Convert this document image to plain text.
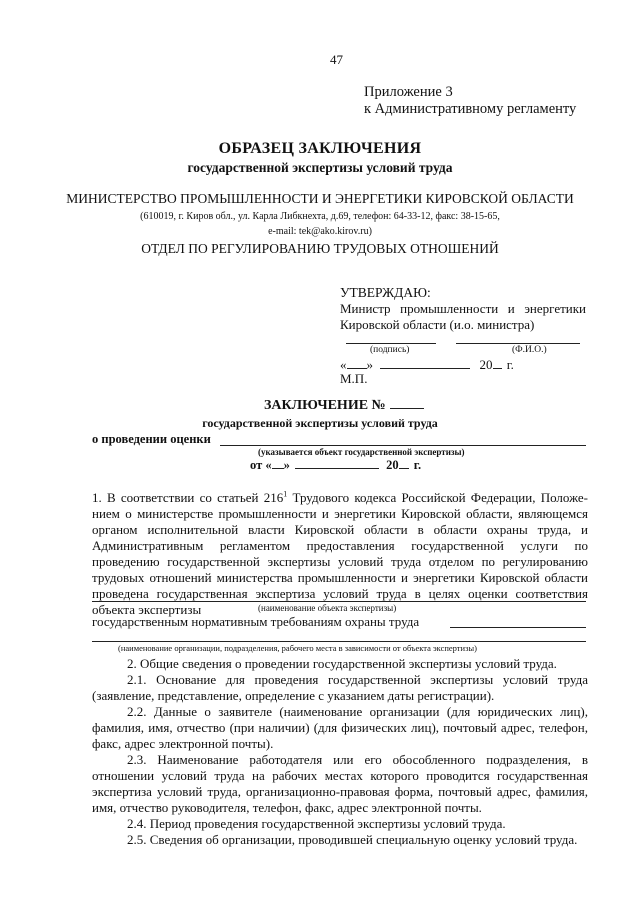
47
Приложение 3
к Административному регламенту
ОБРАЗЕЦ ЗАКЛЮЧЕНИЯ
государственной экспертизы условий труда
МИНИСТЕРСТВО ПРОМЫШЛЕННОСТИ И ЭНЕРГЕТИКИ КИРОВСКОЙ ОБЛАСТИ
(610019, г. Киров обл., ул. Карла Либкнехта, д.69, телефон: 64-33-12, факс: 38-15-65,
e-mail: tek@ako.kirov.ru)
ОТДЕЛ ПО РЕГУЛИРОВАНИЮ ТРУДОВЫХ ОТНОШЕНИЙ
УТВЕРЖДАЮ:
Министр промышленности и энергетики
Кировской области (и.о. министра)
(подпись)	(Ф.И.О.)
« »	20 г.
М.П.
ЗАКЛЮЧЕНИЕ №
государственной экспертизы условий труда
о проведении оценки
(указывается объект государственной экспертизы)
от « »	20 г.
1. В соответствии со статьей $216^1$ Трудового кодекса Российской Федерации, Положе-
нием о министерстве промышленности и энергетики Кировской области, являющемся органом исполнительной власти Кировской области в области охраны труда, и Административным регламентом предоставления государственной услуги по проведению государственной экспертизы условий труда отделом по регулированию трудовых отношений министерства промышленности и энергетики Кировской области проведена государственная экспертиза условий труда в целях оценки соответствия объекта экспертизы	(наименование объекта экспертизы)
государственным нормативным требованиям охраны труда
(наименование организации, подразделения, рабочего места в зависимости от объекта экспертизы)
2. Общие сведения о проведении государственной экспертизы условий труда.
2.1. Основание для проведения государственной экспертизы условий труда (заявление, представление, определение с указанием даты регистрации).
2.2. Данные о заявителе (наименование организации (для юридических лиц), фамилия, имя, отчество (при наличии) (для физических лиц), почтовый адрес, телефон, факс, адрес электронной почты).
2.3. Наименование работодателя или его обособленного подразделения, в отношении условий труда на рабочих местах которого проводится государственная экспертиза условий труда, организационно-правовая форма, почтовый адрес, фамилия, имя, отчество руководителя, телефон, факс, адрес электронной почты.
2.4. Период проведения государственной экспертизы условий труда.
2.5. Сведения об организации, проводившей специальную оценку условий труда.
